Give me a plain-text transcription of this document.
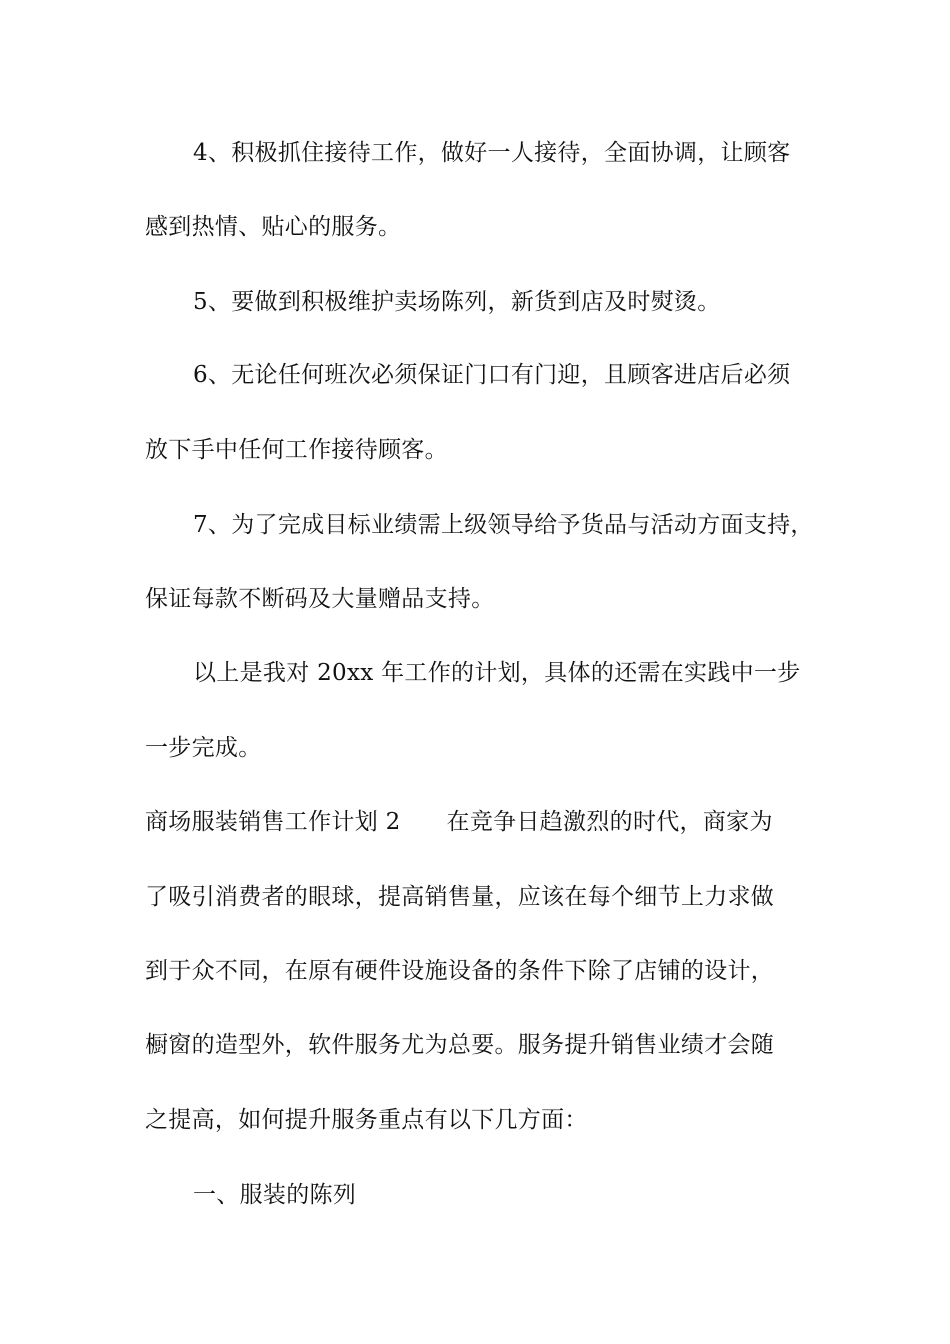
4、积极抓住接待工作，做好一人接待，全面协调，让顾客
感到热情、贴心的服务。
5、要做到积极维护卖场陈列，新货到店及时熨烫。
6、无论任何班次必须保证门口有门迎，且顾客进店后必须
放下手中任何工作接待顾客。
7、为了完成目标业绩需上级领导给予货品与活动方面支持，
保证每款不断码及大量赠品支持。
以上是我对 20xx 年工作的计划，具体的还需在实践中一步
一步完成。
商场服装销售工作计划 2 在竞争日趋激烈的时代，商家为
了吸引消费者的眼球，提高销售量，应该在每个细节上力求做
到于众不同，在原有硬件设施设备的条件下除了店铺的设计，
橱窗的造型外，软件服务尤为总要。服务提升销售业绩才会随
之提高，如何提升服务重点有以下几方面：
一、服装的陈列
